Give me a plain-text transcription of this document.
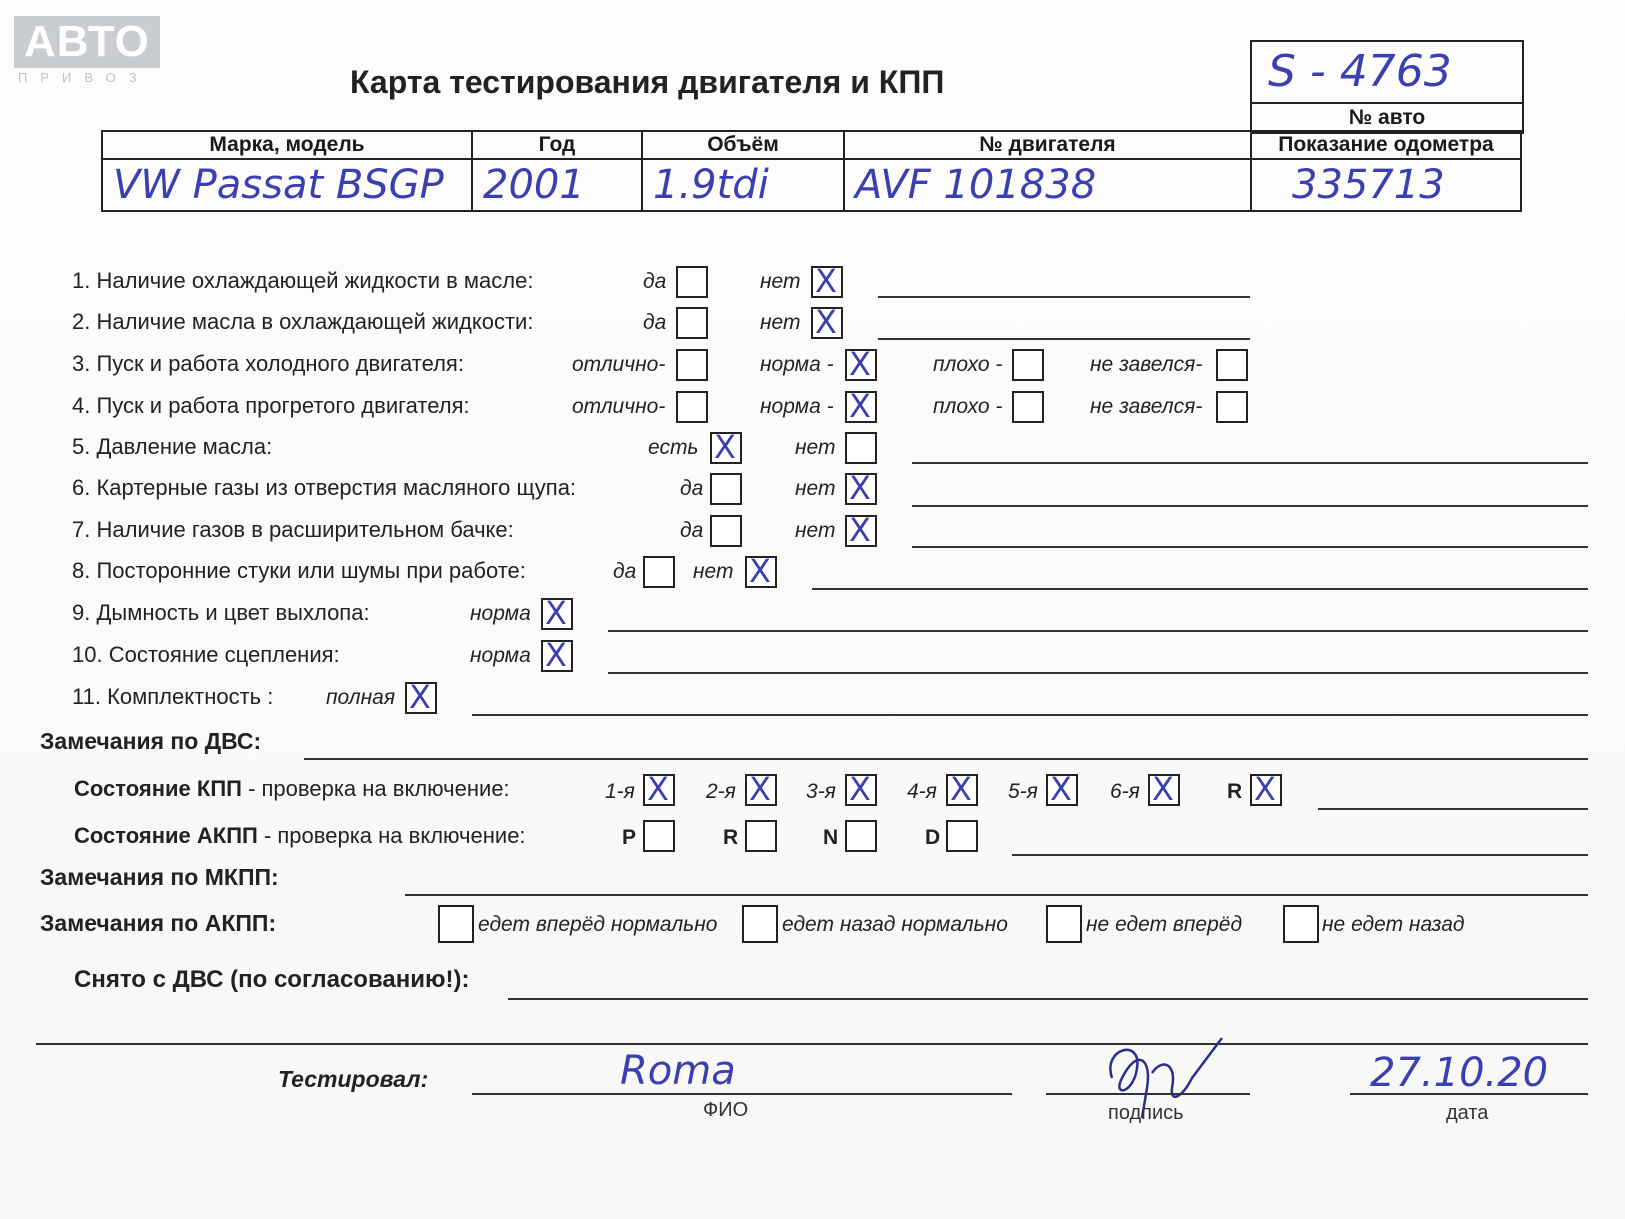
АВТО
ПРИВОЗ	Карта тестирования двигателя и КПП	S - 4763
№ авто
Марка, модель	Год	Объём	№ двигателя	Показание одометра
VW Passat BSGP	2001	1.9tdi	AVF 101838	335713
1. Наличие охлаждающей жидкости в масле:	да	нет X
2. Наличие масла в охлаждающей жидкости:	да	нет X
3. Пуск и работа холодного двигателя:	отлично-	норма - X	плохо -	не завелся-
4. Пуск и работа прогретого двигателя:	отлично-	норма - X	плохо -	не завелся-
5. Давление масла:	есть X	нет
6. Картерные газы из отверстия масляного щупа:	да	нет X
7. Наличие газов в расширительном бачке:	да	нет X
8. Посторонние стуки или шумы при работе:	да	нет X
9. Дымность и цвет выхлопа:	норма X
10. Состояние сцепления:	норма X
11. Комплектность :	полная X
Замечания по ДВС:
Состояние КПП - проверка на включение:	1-я X 2-я X 3-я X 4-я X 5-я X 6-я X	R X
Состояние АКПП - проверка на включение:	P	R	N	D
Замечания по МКПП:
Замечания по АКПП:	едет вперёд нормально	едет назад нормально	не едет вперёд	не едет назад
Снято с ДВС (по согласованию!):
Тестировал:	Roma
ФИО	подпись
27.10.20
дата
